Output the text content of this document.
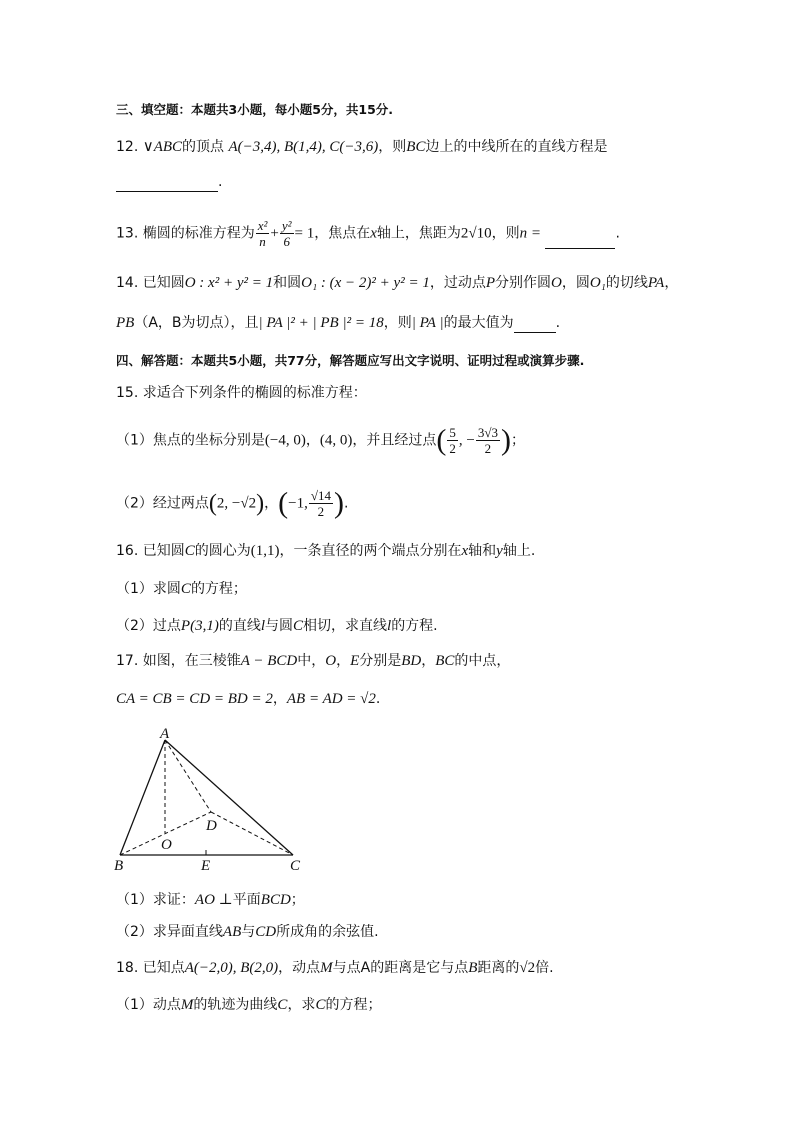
三、填空题：本题共3小题，每小题5分，共15分.
12. ∨ABC的顶点 A(−3,4), B(1,4), C(−3,6)，则BC边上的中线所在的直线方程是
.
13. 椭圆的标准方程为 $\frac{\text{x²}}{n} + \frac{\text{y²}}{6} = 1$，焦点在x轴上，焦距为2√10，则n =	.
14. 已知圆O : x² + y² = 1和圆O₁ : (x − 2)² + y² = 1，过动点P分别作圆O，圆O₁的切线PA，
PB（A，B为切点），且| PA |² + | PB |² = 18，则| PA |的最大值为	.
四、解答题：本题共5小题，共77分，解答题应写出文字说明、证明过程或演算步骤.
15. 求适合下列条件的椭圆的标准方程：
（1）焦点的坐标分别是(−4, 0)，(4, 0)，并且经过点( $\frac{5}{2}$ , − $\frac{3√3}{2}$ )；
（2）经过两点(2, −√2)，(−1, $\frac{√14}{2}$ ).
16. 已知圆C的圆心为(1,1)，一条直径的两个端点分别在x轴和y轴上.
（1）求圆C的方程；
（2）过点P(3,1)的直线l与圆C相切，求直线l的方程.
17. 如图，在三棱锥A − BCD中，O，E分别是BD，BC的中点，
CA = CB = CD = BD = 2，AB = AD = √2.
A
B	C
D
O
E
（1）求证：AO ⊥平面BCD；
（2）求异面直线AB与CD所成角的余弦值.
18. 已知点A(−2,0), B(2,0)，动点M与点A的距离是它与点B距离的√2倍.
（1）动点M的轨迹为曲线C，求C的方程；
